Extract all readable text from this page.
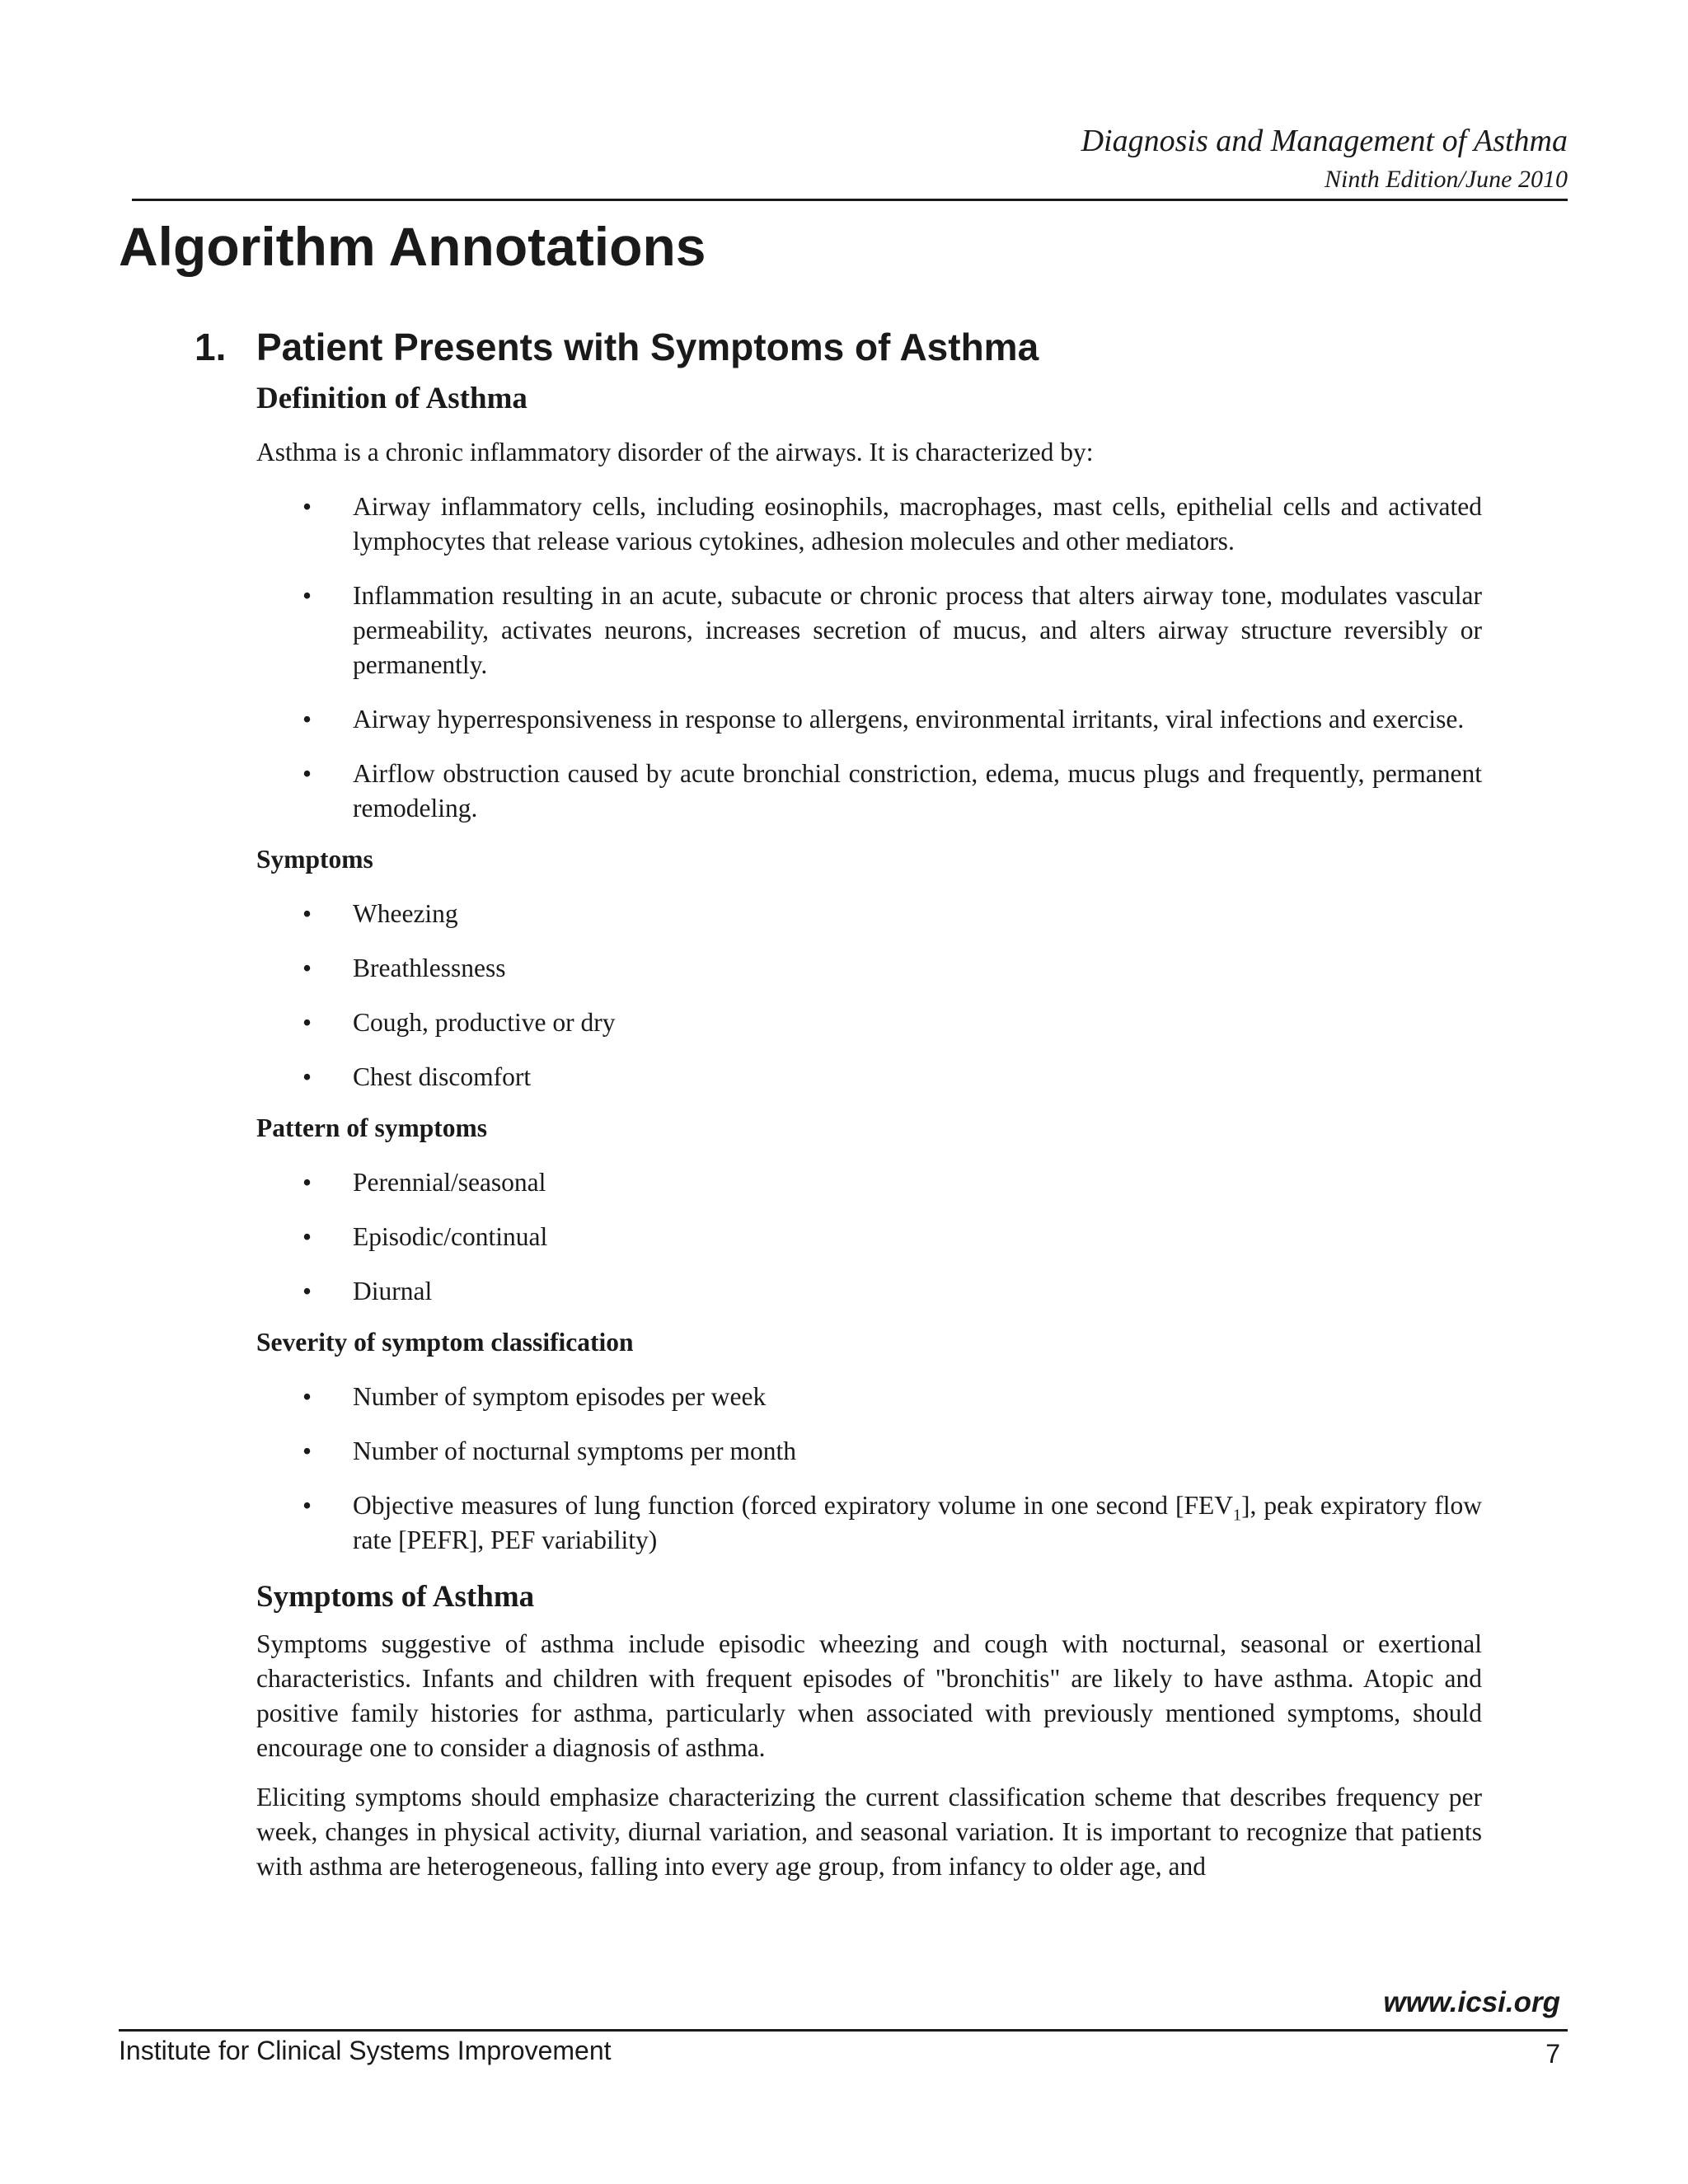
Diagnosis and Management of Asthma
Ninth Edition/June 2010
Algorithm Annotations
1. Patient Presents with Symptoms of Asthma
Definition of Asthma

Asthma is a chronic inflammatory disorder of the airways. It is characterized by:

• Airway inflammatory cells, including eosinophils, macrophages, mast cells, epithelial cells and activated lymphocytes that release various cytokines, adhesion molecules and other mediators.
• Inflammation resulting in an acute, subacute or chronic process that alters airway tone, modulates vascular permeability, activates neurons, increases secretion of mucus, and alters airway structure reversibly or permanently.
• Airway hyperresponsiveness in response to allergens, environmental irritants, viral infections and exercise.
• Airflow obstruction caused by acute bronchial constriction, edema, mucus plugs and frequently, permanent remodeling.
Symptoms
• Wheezing
• Breathlessness
• Cough, productive or dry
• Chest discomfort
Pattern of symptoms
• Perennial/seasonal
• Episodic/continual
• Diurnal
Severity of symptom classification
• Number of symptom episodes per week
• Number of nocturnal symptoms per month
• Objective measures of lung function (forced expiratory volume in one second $[FEV_1]$, peak expiratory flow rate [PEFR], PEF variability)
Symptoms of Asthma

Symptoms suggestive of asthma include episodic wheezing and cough with nocturnal, seasonal or exertional characteristics. Infants and children with frequent episodes of "bronchitis" are likely to have asthma. Atopic and positive family histories for asthma, particularly when associated with previously mentioned symptoms, should encourage one to consider a diagnosis of asthma.

Eliciting symptoms should emphasize characterizing the current classification scheme that describes frequency per week, changes in physical activity, diurnal variation, and seasonal variation. It is important to recognize that patients with asthma are heterogeneous, falling into every age group, from infancy to older age, and

www.icsi.org
Institute for Clinical Systems Improvement	7
